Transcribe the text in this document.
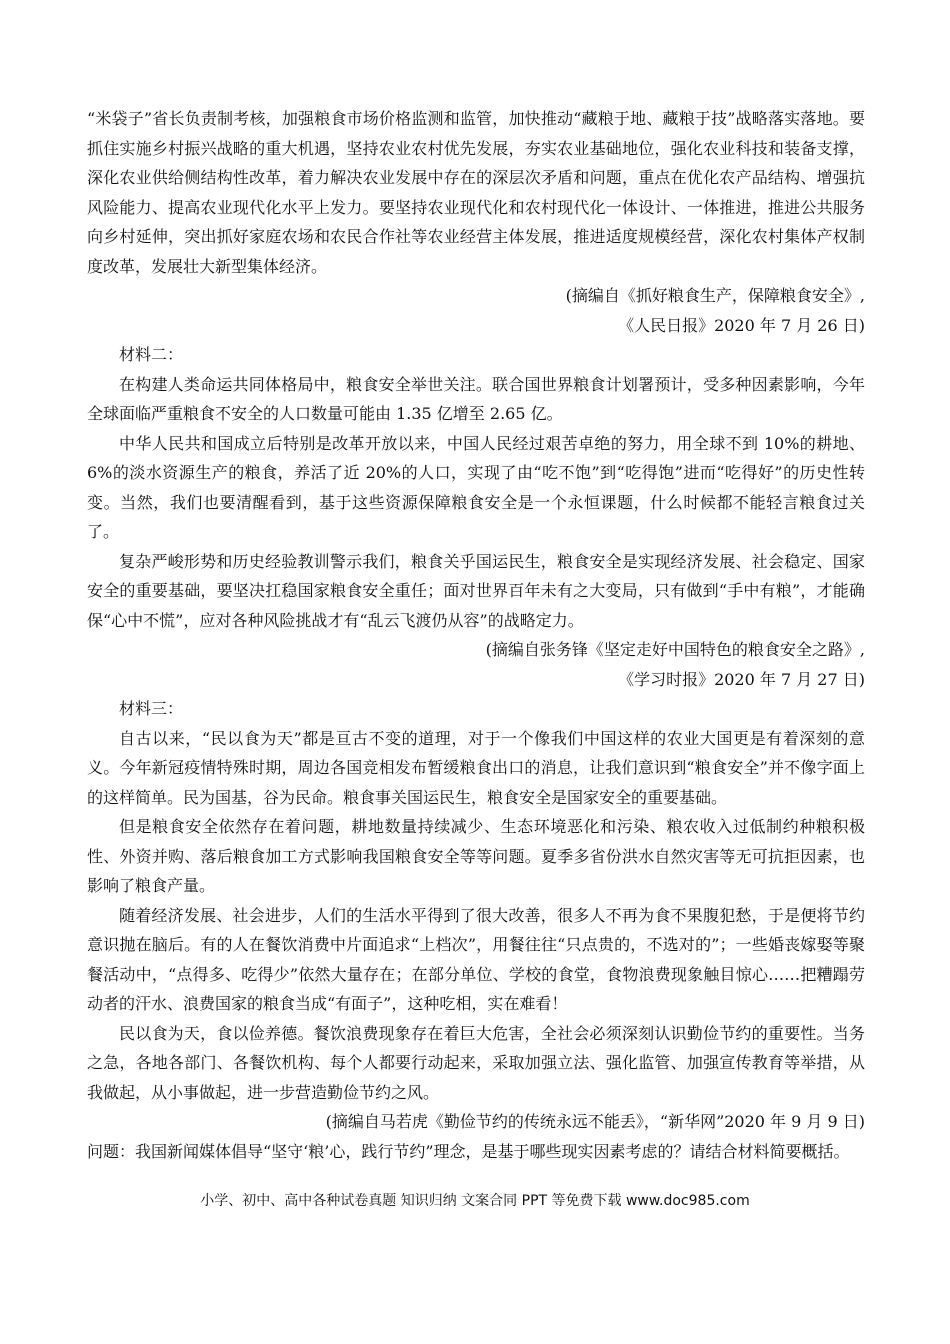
“米袋子”省长负责制考核，加强粮食市场价格监测和监管，加快推动“藏粮于地、藏粮于技”战略落实落地。要抓住实施乡村振兴战略的重大机遇，坚持农业农村优先发展，夯实农业基础地位，强化农业科技和装备支撑，深化农业供给侧结构性改革，着力解决农业发展中存在的深层次矛盾和问题，重点在优化农产品结构、增强抗风险能力、提高农业现代化水平上发力。要坚持农业现代化和农村现代化一体设计、一体推进，推进公共服务向乡村延伸，突出抓好家庭农场和农民合作社等农业经营主体发展，推进适度规模经营，深化农村集体产权制度改革，发展壮大新型集体经济。

(摘编自《抓好粮食生产，保障粮食安全》,

《人民日报》2020 年 7 月 26 日)

材料二：

在构建人类命运共同体格局中，粮食安全举世关注。联合国世界粮食计划署预计，受多种因素影响，今年全球面临严重粮食不安全的人口数量可能由 1.35 亿增至 2.65 亿。

中华人民共和国成立后特别是改革开放以来，中国人民经过艰苦卓绝的努力，用全球不到 10%的耕地、6%的淡水资源生产的粮食，养活了近 20%的人口，实现了由“吃不饱”到“吃得饱”进而“吃得好”的历史性转变。当然，我们也要清醒看到，基于这些资源保障粮食安全是一个永恒课题，什么时候都不能轻言粮食过关了。

复杂严峻形势和历史经验教训警示我们，粮食关乎国运民生，粮食安全是实现经济发展、社会稳定、国家安全的重要基础，要坚决扛稳国家粮食安全重任；面对世界百年未有之大变局，只有做到“手中有粮”，才能确保“心中不慌”，应对各种风险挑战才有“乱云飞渡仍从容”的战略定力。

(摘编自张务锋《坚定走好中国特色的粮食安全之路》,

《学习时报》2020 年 7 月 27 日)

材料三：

自古以来，“民以食为天”都是亘古不变的道理，对于一个像我们中国这样的农业大国更是有着深刻的意义。今年新冠疫情特殊时期，周边各国竞相发布暂缓粮食出口的消息，让我们意识到“粮食安全”并不像字面上的这样简单。民为国基，谷为民命。粮食事关国运民生，粮食安全是国家安全的重要基础。

但是粮食安全依然存在着问题，耕地数量持续减少、生态环境恶化和污染、粮农收入过低制约种粮积极性、外资并购、落后粮食加工方式影响我国粮食安全等等问题。夏季多省份洪水自然灾害等无可抗拒因素，也影响了粮食产量。

随着经济发展、社会进步，人们的生活水平得到了很大改善，很多人不再为食不果腹犯愁，于是便将节约意识抛在脑后。有的人在餐饮消费中片面追求“上档次”，用餐往往“只点贵的，不选对的”；一些婚丧嫁娶等聚餐活动中，“点得多、吃得少”依然大量存在；在部分单位、学校的食堂，食物浪费现象触目惊心……把糟蹋劳动者的汗水、浪费国家的粮食当成“有面子”，这种吃相，实在难看！

民以食为天，食以俭养德。餐饮浪费现象存在着巨大危害，全社会必须深刻认识勤俭节约的重要性。当务之急，各地各部门、各餐饮机构、每个人都要行动起来，采取加强立法、强化监管、加强宣传教育等举措，从我做起，从小事做起，进一步营造勤俭节约之风。

(摘编自马若虎《勤俭节约的传统永远不能丢》，“新华网”2020 年 9 月 9 日)

问题：我国新闻媒体倡导“坚守‘粮’心，践行节约”理念，是基于哪些现实因素考虑的？请结合材料简要概括。

小学、初中、高中各种试卷真题 知识归纳 文案合同 PPT 等免费下载 www.doc985.com
